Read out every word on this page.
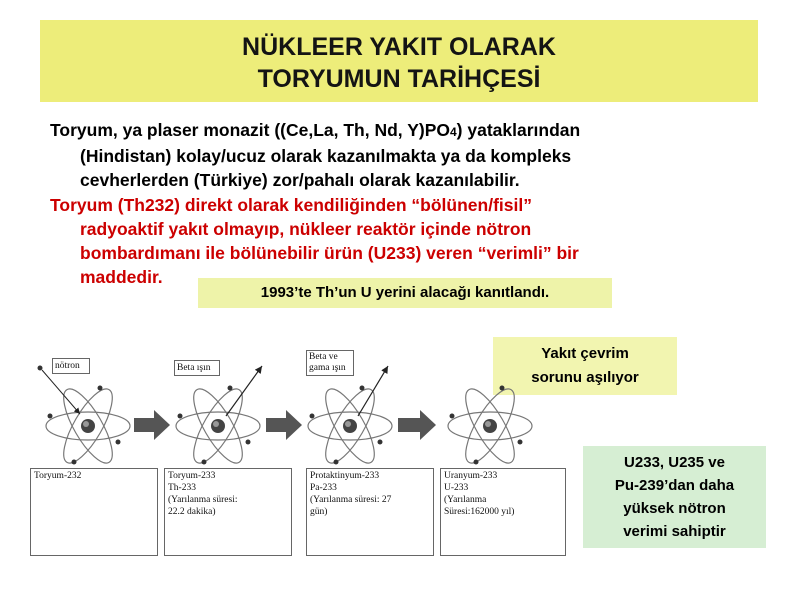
NÜKLEER YAKIT OLARAK
TORYUMUN TARİHÇESİ
Toryum, ya plaser monazit ((Ce,La, Th, Nd, Y)PO4) yataklarından
(Hindistan) kolay/ucuz olarak kazanılmakta ya da kompleks
cevherlerden (Türkiye) zor/pahalı olarak kazanılabilir.
Toryum (Th232) direkt olarak kendiliğinden “bölünen/fisil”
radyoaktif yakıt olmayıp, nükleer reaktör içinde nötron
bombardımanı ile bölünebilir ürün (U233) veren “verimli” bir
maddedir.
1993’te Th’un U yerini alacağı kanıtlandı.
Yakıt çevrim
sorunu aşılıyor
U233, U235 ve
Pu-239’dan daha
yüksek nötron
verimi sahiptir
nötron	Beta ışın
Beta ve
gama ışın
Toryum-232	Toryum-233
Th-233
(Yarılanma süresi:
22.2 dakika)
Protaktinyum-233
Pa-233
(Yarılanma süresi: 27
gün)
Uranyum-233
U-233
(Yarılanma
Süresi:162000 yıl)
